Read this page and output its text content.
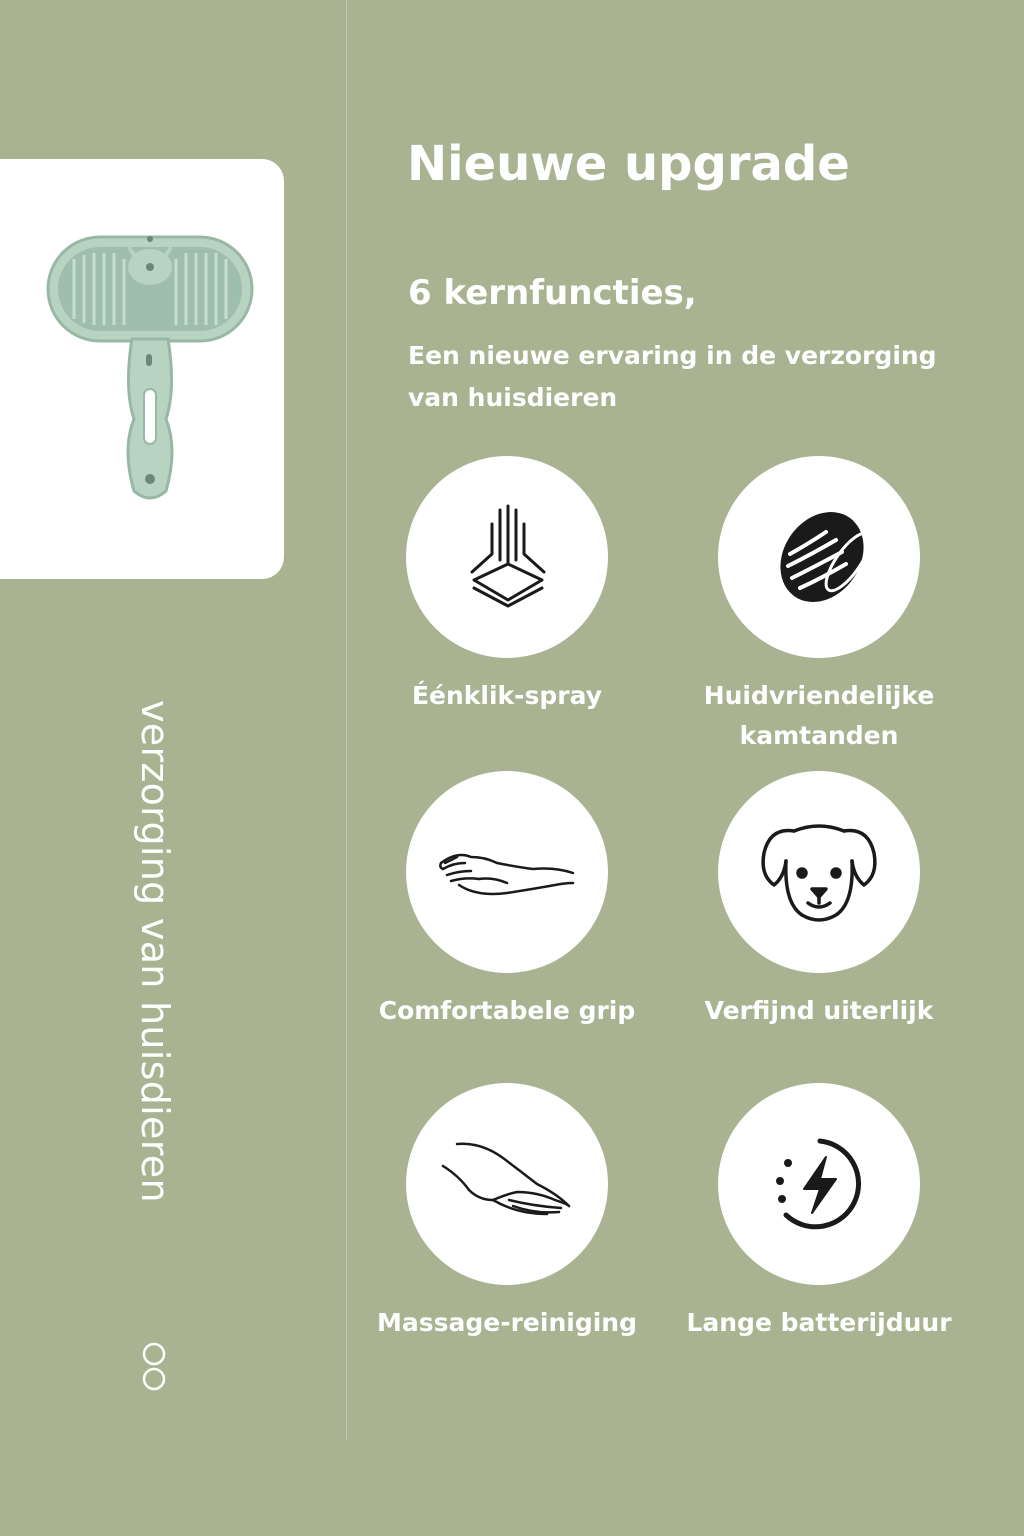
verzorging van huisdieren
Nieuwe upgrade
6 kernfuncties,
Een nieuwe ervaring in de verzorging van huisdieren
Éénklik-spray	Huidvriendelijke kamtanden
Comfortabele grip	Verfijnd uiterlijk
Massage-reiniging	Lange batterijduur
